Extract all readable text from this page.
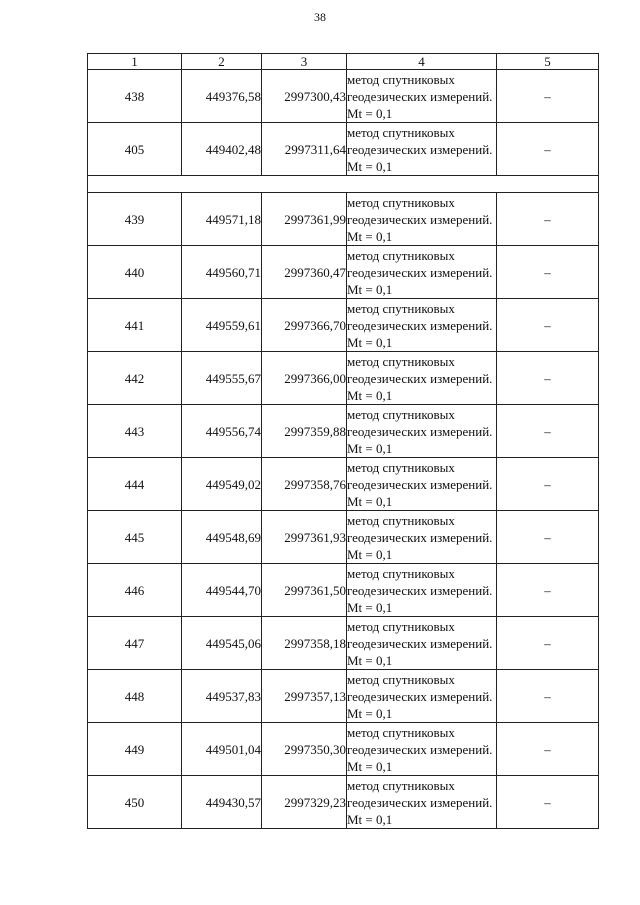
38
1	2	3	4	5
438	449376,58	2997300,43	метод спутниковых геодезических измерений. Mt = 0,1	–
405	449402,48	2997311,64	метод спутниковых геодезических измерений. Mt = 0,1	–

439	449571,18	2997361,99	метод спутниковых геодезических измерений. Mt = 0,1	–
440	449560,71	2997360,47	метод спутниковых геодезических измерений. Mt = 0,1	–
441	449559,61	2997366,70	метод спутниковых геодезических измерений. Mt = 0,1	–
442	449555,67	2997366,00	метод спутниковых геодезических измерений. Mt = 0,1	–
443	449556,74	2997359,88	метод спутниковых геодезических измерений. Mt = 0,1	–
444	449549,02	2997358,76	метод спутниковых геодезических измерений. Mt = 0,1	–
445	449548,69	2997361,93	метод спутниковых геодезических измерений. Mt = 0,1	–
446	449544,70	2997361,50	метод спутниковых геодезических измерений. Mt = 0,1	–
447	449545,06	2997358,18	метод спутниковых геодезических измерений. Mt = 0,1	–
448	449537,83	2997357,13	метод спутниковых геодезических измерений. Mt = 0,1	–
449	449501,04	2997350,30	метод спутниковых геодезических измерений. Mt = 0,1	–
450	449430,57	2997329,23	метод спутниковых геодезических измерений. Mt = 0,1	–
